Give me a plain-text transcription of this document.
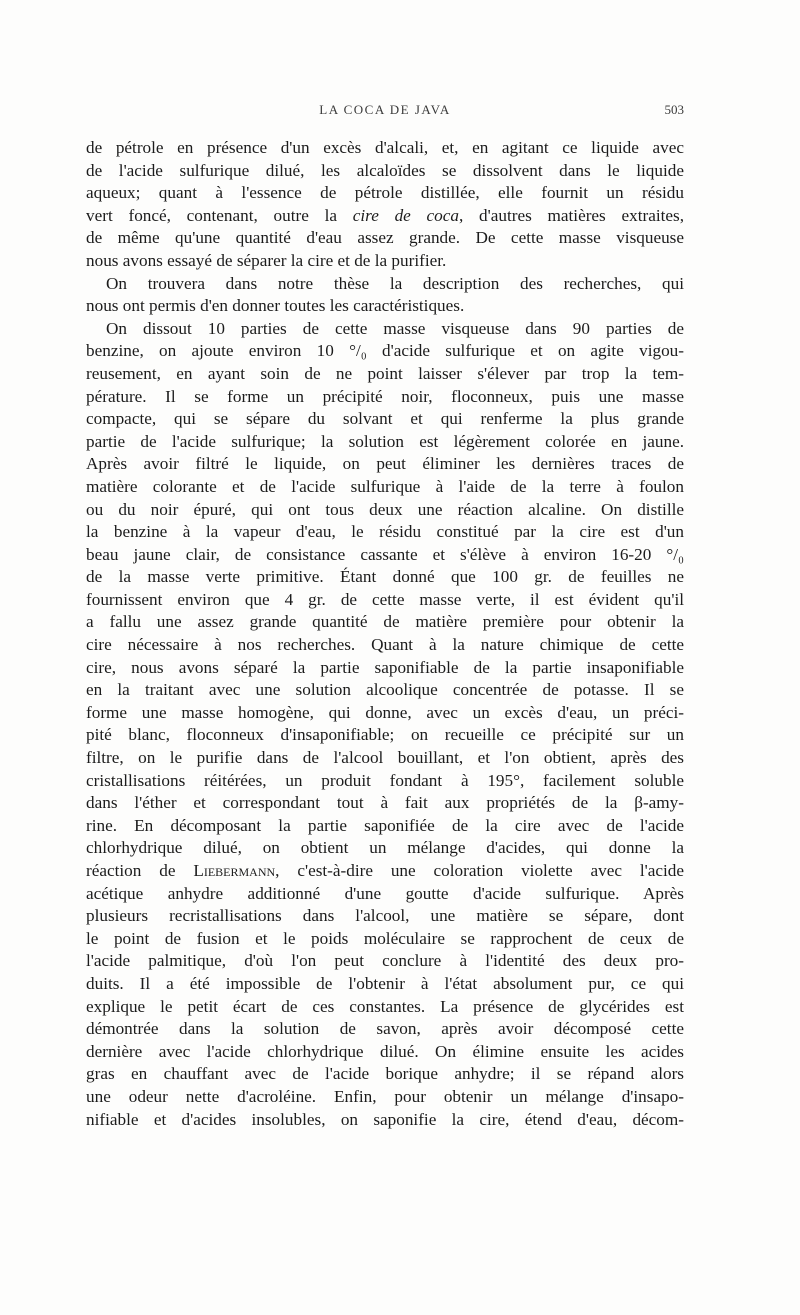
LA COCA DE JAVA	503
de pétrole en présence d'un excès d'alcali, et, en agitant ce liquide avec
de l'acide sulfurique dilué, les alcaloïdes se dissolvent dans le liquide
aqueux; quant à l'essence de pétrole distillée, elle fournit un résidu
vert foncé, contenant, outre la cire de coca, d'autres matières extraites,
de même qu'une quantité d'eau assez grande. De cette masse visqueuse
nous avons essayé de séparer la cire et de la purifier.
On trouvera dans notre thèse la description des recherches, qui
nous ont permis d'en donner toutes les caractéristiques.
On dissout 10 parties de cette masse visqueuse dans 90 parties de
benzine, on ajoute environ 10 °/₀ d'acide sulfurique et on agite vigou-
reusement, en ayant soin de ne point laisser s'élever par trop la tem-
pérature. Il se forme un précipité noir, floconneux, puis une masse
compacte, qui se sépare du solvant et qui renferme la plus grande
partie de l'acide sulfurique; la solution est légèrement colorée en jaune.
Après avoir filtré le liquide, on peut éliminer les dernières traces de
matière colorante et de l'acide sulfurique à l'aide de la terre à foulon
ou du noir épuré, qui ont tous deux une réaction alcaline. On distille
la benzine à la vapeur d'eau, le résidu constitué par la cire est d'un
beau jaune clair, de consistance cassante et s'élève à environ 16-20 °/₀
de la masse verte primitive. Étant donné que 100 gr. de feuilles ne
fournissent environ que 4 gr. de cette masse verte, il est évident qu'il
a fallu une assez grande quantité de matière première pour obtenir la
cire nécessaire à nos recherches. Quant à la nature chimique de cette
cire, nous avons séparé la partie saponifiable de la partie insaponifiable
en la traitant avec une solution alcoolique concentrée de potasse. Il se
forme une masse homogène, qui donne, avec un excès d'eau, un préci-
pité blanc, floconneux d'insaponifiable; on recueille ce précipité sur un
filtre, on le purifie dans de l'alcool bouillant, et l'on obtient, après des
cristallisations réitérées, un produit fondant à 195°, facilement soluble
dans l'éther et correspondant tout à fait aux propriétés de la β-amy-
rine. En décomposant la partie saponifiée de la cire avec de l'acide
chlorhydrique dilué, on obtient un mélange d'acides, qui donne la
réaction de Liebermann, c'est-à-dire une coloration violette avec l'acide
acétique anhydre additionné d'une goutte d'acide sulfurique. Après
plusieurs recristallisations dans l'alcool, une matière se sépare, dont
le point de fusion et le poids moléculaire se rapprochent de ceux de
l'acide palmitique, d'où l'on peut conclure à l'identité des deux pro-
duits. Il a été impossible de l'obtenir à l'état absolument pur, ce qui
explique le petit écart de ces constantes. La présence de glycérides est
démontrée dans la solution de savon, après avoir décomposé cette
dernière avec l'acide chlorhydrique dilué. On élimine ensuite les acides
gras en chauffant avec de l'acide borique anhydre; il se répand alors
une odeur nette d'acroléine. Enfin, pour obtenir un mélange d'insapo-
nifiable et d'acides insolubles, on saponifie la cire, étend d'eau, décom-
